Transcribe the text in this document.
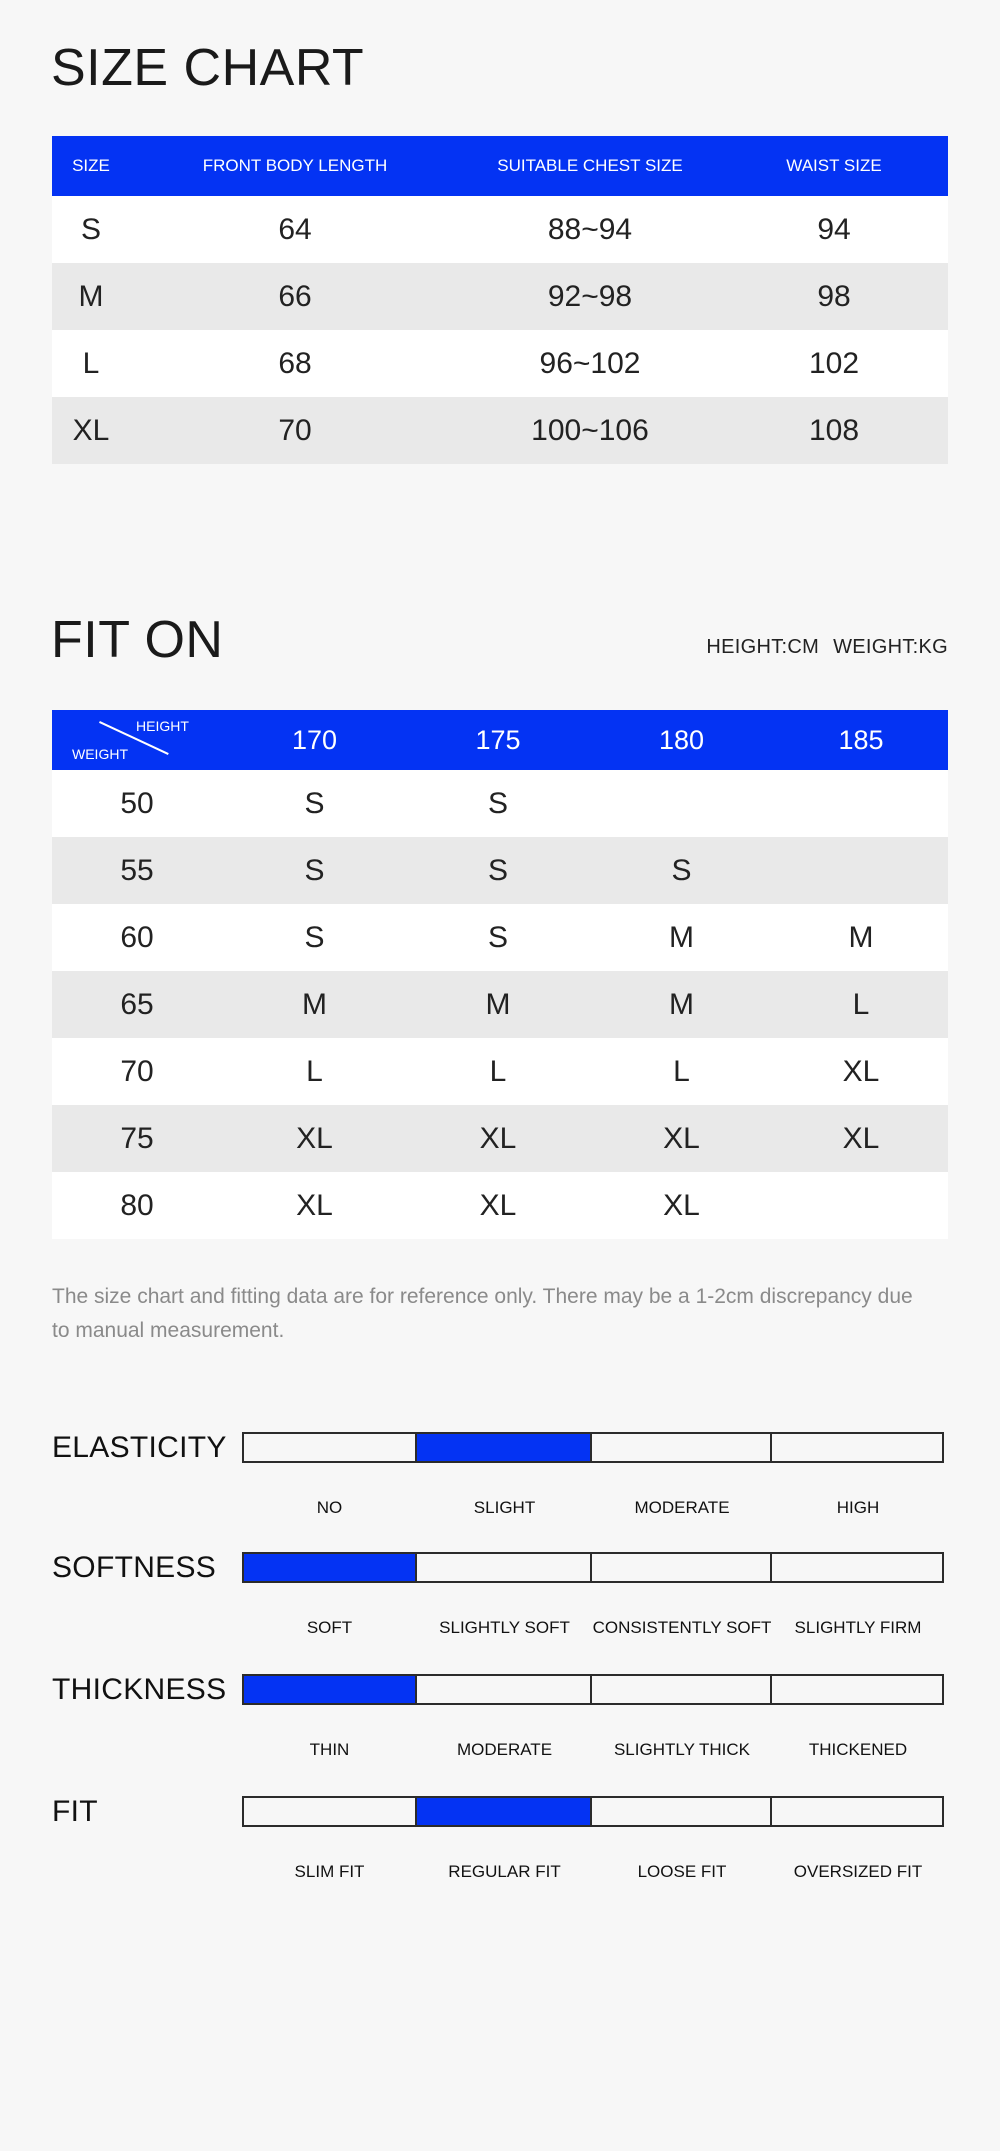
SIZE CHART
SIZE	FRONT BODY LENGTH	SUITABLE CHEST SIZE	WAIST SIZE
S	64	88~94	94
M	66	92~98	98
L	68	96~102	102
XL	70	100~106	108
FIT ON	HEIGHT:CM WEIGHT:KG
HEIGHT
WEIGHT	170	175	180	185
50	S	S		
55	S	S	S	
60	S	S	M	M
65	M	M	M	L
70	L	L	L	XL
75	XL	XL	XL	XL
80	XL	XL	XL	
The size chart and fitting data are for reference only. There may be a 1-2cm discrepancy due to manual measurement.
ELASTICITY
NO	SLIGHT	MODERATE	HIGH
SOFTNESS
SOFT	SLIGHTLY SOFT	CONSISTENTLY SOFT	SLIGHTLY FIRM
THICKNESS
THIN	MODERATE	SLIGHTLY THICK	THICKENED
FIT
SLIM FIT	REGULAR FIT	LOOSE FIT	OVERSIZED FIT
